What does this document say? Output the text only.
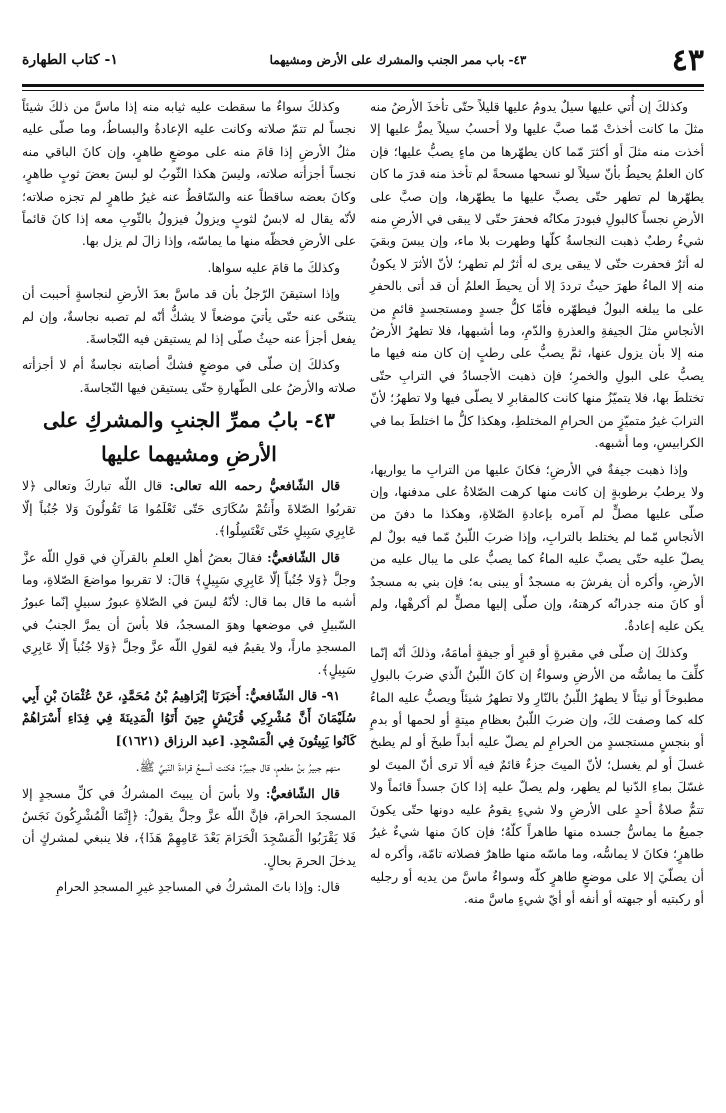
٤٣
٤٣- باب ممر الجنب والمشرك على الأرض ومشيهما
١- كتاب الطهارة

وكذلكَ إن أُتي عليها سيلٌ يدومُ عليها قليلاً حتّى تأخذَ الأرضُ منه مثلَ ما كانت أخذتْ مّما صبَّ عليها ولا أحسبُ سيلاً يمرُّ عليها إلا أخذت منه مثلَ أو أكثرَ مّما كان يطهّرها من ماءٍ يصبُّ عليها؛ فإن كان العلمُ يحيطُ بأنّ سيلاً لو نسحها مسحةً لم تأخذ منه قدرَ ما كان يطهّرها لم تطهر حتّى يصبَّ عليها ما يطهّرها، وإن صبَّ على الأرضِ نجساً كالبولِ فبودرَ مكانُه فحفرَ حتّى لا يبقى في الأرضِ منه شيءٌ رطبٌ ذهبت النجاسةُ كلّها وطهرت بلا ماء، وإن يبسَ وبقيَ له أثرٌ فحفرت حتّى لا يبقى يرى له أثرٌ لم تطهر؛ لأنّ الأثرَ لا يكونُ منه إلا الماءُ طهرَ حيثُ ترددَ إلا أن يحيطَ العلمُ أن قد أتى بالحفرِ على ما يبلغه البولُ فيطهّره فأمّا كلُّ جسدٍ ومستجسدٍ قائمٍ من الأنجاسِ مثلَ الجيفةِ والعذرةِ والدّمِ، وما أشبهها، فلا تطهرُ الأرضُ منه إلا بأن يزول عنها، ثمَّ يصبُّ على رطبٍ إن كان منه فيها ما يصبُّ على البولِ والخمرِ؛ فإن ذهبت الأجسادُ في الترابِ حتّى تختلطَ بها، فلا يتميّزُ منها كانت كالمقابرِ لا يصلّى فيها ولا تطهرُ؛ لأنّ الترابَ غيرُ متميّزٍ من الحرامِ المختلطِ، وهكذا كلُّ ما اختلطَ بما في الكرابيسِ، وما أشبهه.

وإذا ذهبت جيفةٌ في الأرضِ؛ فكانَ عليها من الترابِ ما يواريها، ولا يرطبُ برطوبةٍ إن كانت منها كرهت الصّلاةُ على مدفنها، وإن صلّى عليها مصلٍّ لم آمره بإعادةِ الصّلاةِ، وهكذا ما دفنَ من الأنجاسِ مّما لم يختلط بالترابِ، وإذا ضربَ اللّبنُ مّما فيه بولٌ لم يصلّ عليه حتّى يصبَّ عليه الماءُ كما يصبُّ على ما يبال عليه من الأرضِ، وأكره أن يفرشَ به مسجدٌ أو يبنى به؛ فإن بني به مسجدٌ أو كانَ منه جدرانُه كرهتهُ، وإن صلّى إليها مصلٍّ لم أكرهْها، ولم يكن عليه إعادةٌ.

وكذلكَ إن صلّى في مقبرةٍ أو قبرٍ أو جيفةٍ أمامَهُ، وذلكَ أنّه إنّما كلِّفَ ما يماسُّه من الأرضِ وسواءٌ إن كانَ اللّبنُ الّذي ضربَ بالبولِ مطبوخاً أو نيئاً لا يطهرُ اللّبنُ بالنّارِ ولا تطهرُ شيئاً ويصبُّ عليه الماءُ كله كما وصفت لكَ، وإن ضربَ اللّبنُ بعظامِ ميتةٍ أو لحمها أو بدمٍ أو بنجسٍ مستجسدٍ من الحرامِ لم يصلّ عليه أبداً طبخَ أو لم يطبخ غسلَ أو لم يغسل؛ لأنّ الميتَ جزءٌ قائمٌ فيه ألا ترى أنّ الميتَ لو غسّلَ بماءِ الدّنيا لم يطهر، ولم يصلّ عليه إذا كانَ جسداً قائماً ولا تتمُّ صلاةُ أحدٍ على الأرضِ ولا شيءٍ يقومُ عليه دونها حتّى يكونَ جميعُ ما يماسُّ جسده منها طاهراً كلّهُ؛ فإن كانَ منها شيءٌ غيرُ طاهرٍ؛ فكانَ لا يماسُّه، وما ماسّه منها طاهرٌ فصلاته تامّة، وأكره له أن يصلّيَ إلا على موضعٍ طاهرٍ كلّه وسواءٌ ماسَّ من يديه أو رجليه أو ركبتيه أو جبهته أو أنفه أو أيّ شيءٍ ماسَّ منه.

وكذلكَ سواءٌ ما سقطت عليه ثيابه منه إذا ماسَّ من ذلكَ شيئاً نجساً لم تتمّ صلاته وكانت عليه الإعادةُ والبساطُ، وما صلّى عليه مثلُ الأرضِ إذا قامَ منه على موضعٍ طاهرٍ، وإن كانَ الباقي منه نجساً أجزأته صلاته، وليسَ هكذا الثّوبُ لو لبسَ بعضَ ثوبٍ طاهرٍ، وكانَ بعضه ساقطاً عنه والسّاقطُ عنه غيرُ طاهرٍ لم تجزه صلاته؛ لأنّه يقال له لابسٌ لثوبٍ ويزولُ فيزولُ بالثّوبِ معه إذا كانَ قائماً على الأرضِ فحظّه منها ما يماسّه، وإذا زالَ لم يزل بها.

وكذلكَ ما قامَ عليه سواها.

وإذا استيقنَ الرّجلُ بأن قد ماسَّ بعدَ الأرضِ لنجاسةٍ أحببت أن يتنحّى عنه حتّى يأتيَ موضعاً لا يشكُّ أنّه لم تصبه نجاسةٌ، وإن لم يفعل أجزأ عنه حيثُ صلّى إذا لم يستيقن فيه النّجاسةَ.

وكذلكَ إن صلّى في موضعٍ فشكَّ أصابته نجاسةٌ أم لا أجزأته صلاته والأرضُ على الطّهارةِ حتّى يستيقن فيها النّجاسةَ.

٤٣- بابُ ممرِّ الجنبِ والمشركِ على الأرضِ ومشيهما عليها

قال الشّافعيُّ رحمه الله تعالى: قال اللّه تباركَ وتعالى ﴿لا تقربُوا الصّلاةَ وأَنتُمْ سُكَارَى حَتّى تَعْلَمُوا مَا تَقُولُونَ وَلا جُنُباً إلّا عَابِرِي سَبِيلٍ حَتّى تَغْتَسِلُوا﴾.

قال الشّافعيُّ: فقالَ بعضُ أهلِ العلمِ بالقرآنِ في قولِ اللّه عزَّ وجلَّ ﴿وَلا جُنُباً إلّا عَابِرِي سَبِيلٍ﴾ قالَ: لا تقربوا مواضعَ الصّلاةِ، وما أشبه ما قال بما قال: لأنّهُ ليسَ في الصّلاةِ عبورُ سبيلٍ إنّما عبورُ السّبيلِ في موضعها وهوَ المسجدُ، فلا بأسَ أن يمرَّ الجنبُ في المسجدِ ماراً، ولا يقيمُ فيه لقولِ اللّه عزَّ وجلَّ ﴿وَلا جُنُباً إلّا عَابِرِي سَبِيلٍ﴾.

٩١- قال الشّافعيُّ: أَخبَرَنَا إبْرَاهِيمُ بْنُ مُحَمَّدٍ، عَنْ عُثْمَانَ بْنِ أَبِي سُلَيْمَانَ أَنَّ مُشْرِكِي قُرَيْشٍ حِينَ أَتَوُا الْمَدِينَةَ فِي فِدَاءِ أَسْرَاهُمْ كَانُوا يَبِيتُونَ فِي الْمَسْجِدِ. [عبد الرزاق (١٦٢١)]

منهم جبيرُ بنُ مطعمٍ، قال جبيرٌ: فكنت أسمعُ قراءةَ النّبيِّ ﷺ.

قال الشّافعيُّ: ولا بأسَ أن يبيتَ المشركُ في كلِّ مسجدٍ إلا المسجدَ الحرامَ، فإنَّ اللّه عزَّ وجلَّ يقولُ: ﴿إِنَّمَا الْمُشْرِكُونَ نَجَسٌ فَلا يَقْرَبُوا الْمَسْجِدَ الْحَرَامَ بَعْدَ عَامِهِمْ هَذَا﴾، فلا ينبغي لمشركٍ أن يدخلَ الحرمَ بحالٍ.

قال: وإذا باتَ المشركُ في المساجدِ غيرِ المسجدِ الحرامِ
